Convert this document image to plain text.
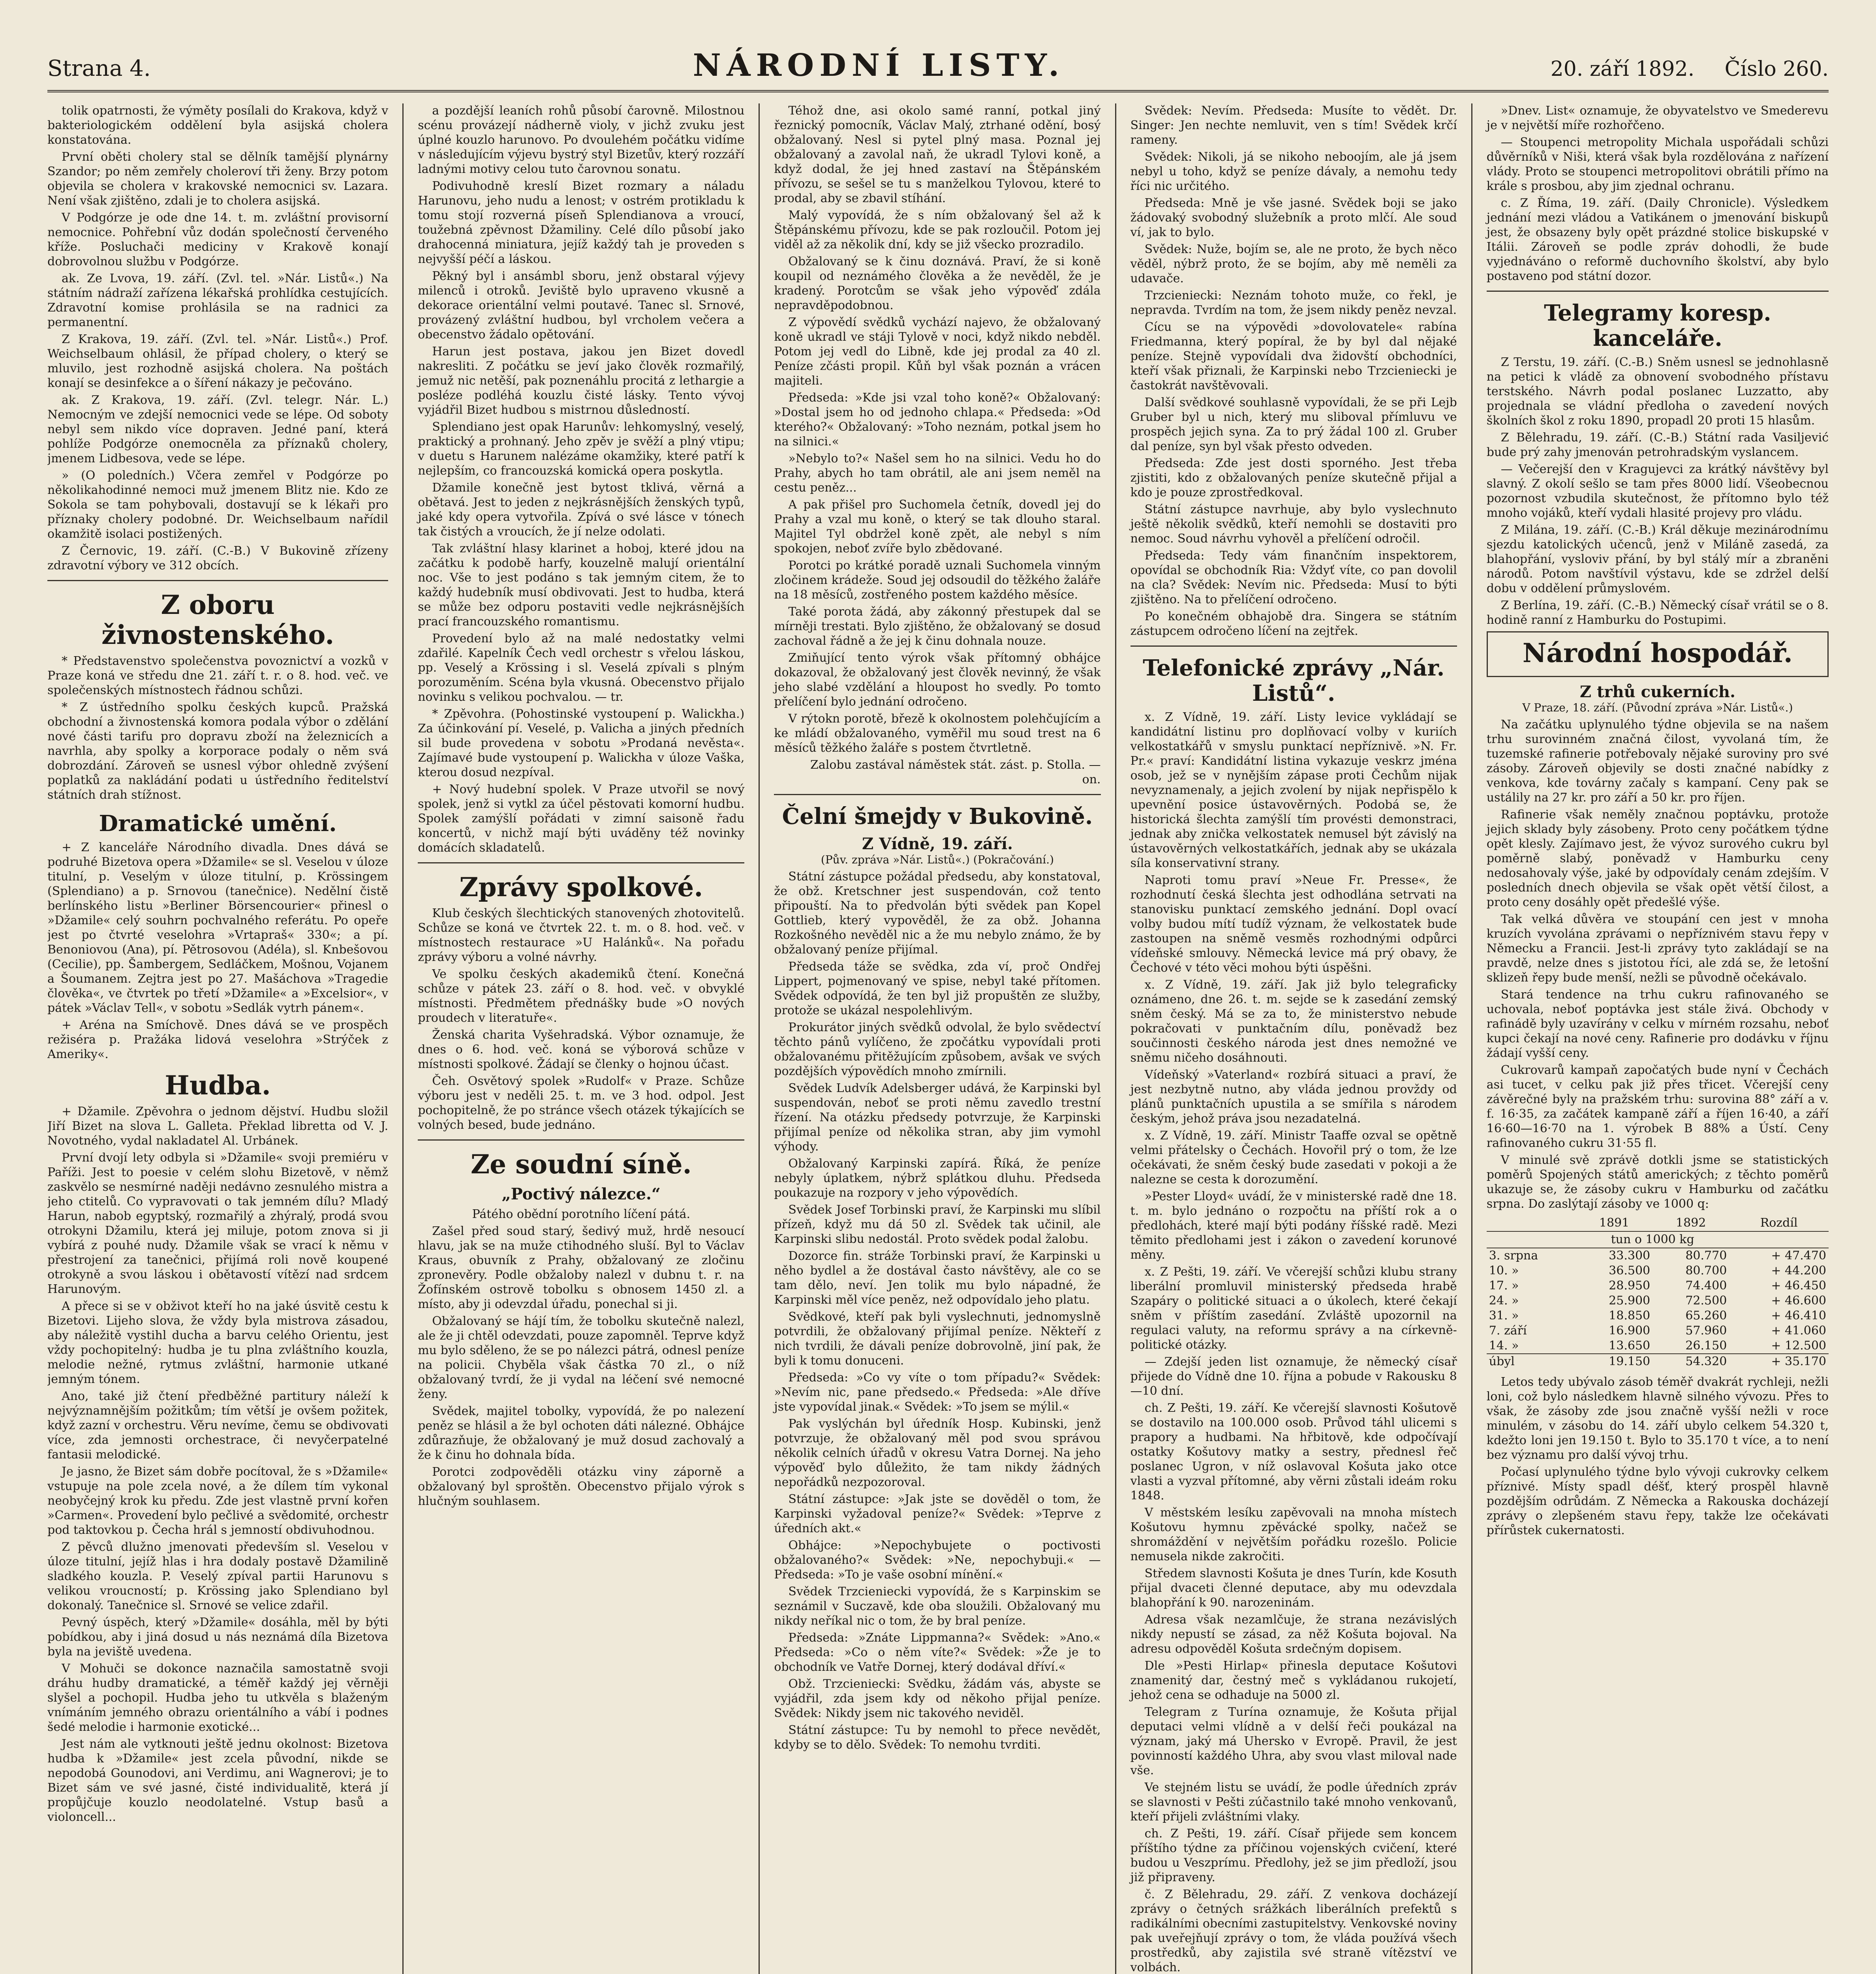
Strana 4.	NÁRODNÍ LISTY.	20. září 1892. Číslo 260.

tolik opatrnosti, že výměty posílali do Krakova, když v bakteriologickém oddělení byla asijská cholera konstatována.

První oběti cholery stal se dělník tamější plynárny Szandor; po něm zemřely choleroví tři ženy. Brzy potom objevila se cholera v krakovské nemocnici sv. Lazara. Není však zjištěno, zdali je to cholera asijská.

V Podgórze je ode dne 14. t. m. zvláštní provisorní nemocnice. Pohřební vůz dodán společností červeného kříže. Posluchači mediciny v Krakově konají dobrovolnou službu v Podgórze.

ak. Ze Lvova, 19. září. (Zvl. tel. »Nár. Listů«.) Na státním nádraží zařízena lékařská prohlídka cestujících. Zdravotní komise prohlásila se na radnici za permanentní.

Z Krakova, 19. září. (Zvl. tel. »Nár. Listů«.) Prof. Weichselbaum ohlásil, že případ cholery, o který se mluvilo, jest rozhodně asijská cholera. Na poštách konají se desinfekce a o šíření nákazy je pečováno.

ak. Z Krakova, 19. září. (Zvl. telegr. Nár. L.) Nemocným ve zdejší nemocnici vede se lépe. Od soboty nebyl sem nikdo více dopraven. Jedné paní, která pohlíže Podgórze onemocněla za příznaků cholery, jmenem Lidbesova, vede se lépe.

» (O poledních.) Včera zemřel v Podgórze po několikahodinné nemoci muž jmenem Blitz nie. Kdo ze Sokola se tam pohybovali, dostavují se k lékaři pro příznaky cholery podobné. Dr. Weichselbaum nařídil okamžitě isolaci postižených.

Z Černovic, 19. září. (C.-B.) V Bukovině zřízeny zdravotní výbory ve 312 obcích.

Z oboru živnostenského.

* Představenstvo společenstva povoznictví a vozků v Praze koná ve středu dne 21. září t. r. o 8. hod. več. ve společenských místnostech řádnou schůzi.

* Z ústředního spolku českých kupců. Pražská obchodní a živnostenská komora podala výbor o zdělání nové části tarifu pro dopravu zboží na železnicích a navrhla, aby spolky a korporace podaly o něm svá dobrozdání. Zároveň se usnesl výbor ohledně zvýšení poplatků za nakládání podati u ústředního ředitelství státních drah stížnost.

Dramatické umění.

+ Z kanceláře Národního divadla. Dnes dává se podruhé Bizetova opera »Džamile« se sl. Veselou v úloze titulní, p. Veselým v úloze titulní, p. Krössingem (Splendiano) a p. Srnovou (tanečnice). Nedělní čistě berlínského listu »Berliner Börsencourier« přinesl o »Džamile« celý souhrn pochvalného referátu. Po opeře jest po čtvrté veselohra »Vrtapraš« 330«; a pí. Benoniovou (Ana), pí. Pětrosovou (Adéla), sl. Knbešovou (Cecilie), pp. Šambergem, Sedláčkem, Mošnou, Vojanem a Šoumanem. Zejtra jest po 27. Mašáchova »Tragedie člověka«, ve čtvrtek po třetí »Džamile« a »Excelsior«, v pátek »Václav Tell«, v sobotu »Sedlák vytrh pánem«.

+ Aréna na Smíchově. Dnes dává se ve prospěch režiséra p. Pražáka lidová veselohra »Strýček z Ameriky«.

Hudba.

+ Džamile. Zpěvohra o jednom dějství. Hudbu složil Jiří Bizet na slova L. Galleta. Překlad libretta od V. J. Novotného, vydal nakladatel Al. Urbánek.

První dvojí lety odbyla si »Džamile« svoji premiéru v Paříži. Jest to poesie v celém slohu Bizetově, v němž zaskvělo se nesmírné naději nedávno zesnulého mistra a jeho ctitelů. Co vypravovati o tak jemném dílu? Mladý Harun, nabob egyptský, rozmařilý a zhýralý, prodá svou otrokyni Džamilu, která jej miluje, potom znova si ji vybírá z pouhé nudy. Džamile však se vrací k němu v přestrojení za tanečnici, přijímá roli nově koupené otrokyně a svou láskou i obětavostí vítězí nad srdcem Harunovým.

A přece si se v obživot kteří ho na jaké úsvitě cestu k Bizetovi. Lijeho slova, že vždy byla mistrova zásadou, aby náležitě vystihl ducha a barvu celého Orientu, jest vždy pochopitelný: hudba je tu plna zvláštního kouzla, melodie nežné, rytmus zvláštní, harmonie utkané jemným tónem.

Ano, také již čtení předběžné partitury náleží k nejvýznamnějším požitkům; tím větší je ovšem požitek, když zazní v orchestru. Věru nevíme, čemu se obdivovati více, zda jemnosti orchestrace, či nevyčerpatelné fantasii melodické.

Je jasno, že Bizet sám dobře pocítoval, že s »Džamile« vstupuje na pole zcela nové, a že dílem tím vykonal neobyčejný krok ku předu. Zde jest vlastně první kořen »Carmen«. Provedení bylo pečlivé a svědomité, orchestr pod taktovkou p. Čecha hrál s jemností obdivuhodnou.

Z pěvců dlužno jmenovati především sl. Veselou v úloze titulní, jejíž hlas i hra dodaly postavě Džamilině sladkého kouzla. P. Veselý zpíval partii Harunovu s velikou vroucností; p. Krössing jako Splendiano byl dokonalý. Tanečnice sl. Srnové se velice zdařil.

Pevný úspěch, který »Džamile« dosáhla, měl by býti pobídkou, aby i jiná dosud u nás neznámá díla Bizetova byla na jeviště uvedena.

V Mohuči se dokonce naznačila samostatně svoji dráhu hudby dramatické, a téměř každý jej věrněji slyšel a pochopil. Hudba jeho tu utkvěla s blaženým vnímáním jemného obrazu orientálního a vábí i podnes šedé melodie i harmonie exotické...

Jest nám ale vytknouti ještě jednu okolnost: Bizetova hudba k »Džamile« jest zcela původní, nikde se nepodobá Gounodovi, ani Verdimu, ani Wagnerovi; je to Bizet sám ve své jasné, čisté individualitě, která jí propůjčuje kouzlo neodolatelné. Vstup basů a violoncell...

a pozdější leaních rohů působí čarovně. Milostnou scénu provázejí nádherně violy, v jichž zvuku jest úplné kouzlo harunovo. Po dvoulehém počátku vidíme v následujícím výjevu bystrý styl Bizetův, který rozzáří ladnými motivy celou tuto čarovnou sonatu.

Podivuhodně kreslí Bizet rozmary a náladu Harunovu, jeho nudu a lenost; v ostrém protikladu k tomu stojí rozverná píseň Splendianova a vroucí, toužebná zpěvnost Džamiliny. Celé dílo působí jako drahocenná miniatura, jejíž každý tah je proveden s nejvyšší péčí a láskou.

Pěkný byl i ansámbl sboru, jenž obstaral výjevy milenců i otroků. Jeviště bylo upraveno vkusně a dekorace orientální velmi poutavé. Tanec sl. Srnové, provázený zvláštní hudbou, byl vrcholem večera a obecenstvo žádalo opětování.

Harun jest postava, jakou jen Bizet dovedl nakresliti. Z počátku se jeví jako člověk rozmařilý, jemuž nic netěší, pak poznenáhlu procitá z lethargie a posléze podléhá kouzlu čisté lásky. Tento vývoj vyjádřil Bizet hudbou s mistrnou důsledností.

Splendiano jest opak Harunův: lehkomyslný, veselý, praktický a prohnaný. Jeho zpěv je svěží a plný vtipu; v duetu s Harunem nalézáme okamžiky, které patří k nejlepším, co francouzská komická opera poskytla.

Džamile konečně jest bytost tklivá, věrná a obětavá. Jest to jeden z nejkrásnějších ženských typů, jaké kdy opera vytvořila. Zpívá o své lásce v tónech tak čistých a vroucích, že jí nelze odolati.

Tak zvláštní hlasy klarinet a hoboj, které jdou na začátku k podobě harfy, kouzelně malují orientální noc. Vše to jest podáno s tak jemným citem, že to každý hudebník musí obdivovati. Jest to hudba, která se může bez odporu postaviti vedle nejkrásnějších prací francouzského romantismu.

Provedení bylo až na malé nedostatky velmi zdařilé. Kapelník Čech vedl orchestr s vřelou láskou, pp. Veselý a Krössing i sl. Veselá zpívali s plným porozuměním. Scéna byla vkusná. Obecenstvo přijalo novinku s velikou pochvalou. — tr.

* Zpěvohra. (Pohostinské vystoupení p. Walickha.) Za účinkování pí. Veselé, p. Valicha a jiných předních sil bude provedena v sobotu »Prodaná nevěsta«. Zajímavé bude vystoupení p. Walickha v úloze Vaška, kterou dosud nezpíval.

+ Nový hudební spolek. V Praze utvořil se nový spolek, jenž si vytkl za účel pěstovati komorní hudbu. Spolek zamýšlí pořádati v zimní saisoně řadu koncertů, v nichž mají býti uváděny též novinky domácích skladatelů.

Zprávy spolkové.

Klub českých šlechtických stanovených zhotovitelů. Schůze se koná ve čtvrtek 22. t. m. o 8. hod. več. v místnostech restaurace »U Halánků«. Na pořadu zprávy výboru a volné návrhy.

Ve spolku českých akademiků čtení. Konečná schůze v pátek 23. září o 8. hod. več. v obvyklé místnosti. Předmětem přednášky bude »O nových proudech v literatuře«.

Ženská charita Vyšehradská. Výbor oznamuje, že dnes o 6. hod. več. koná se výborová schůze v místnosti spolkové. Žádají se členky o hojnou účast.

Čeh. Osvětový spolek »Rudolf« v Praze. Schůze výboru jest v neděli 25. t. m. ve 3 hod. odpol. Jest pochopitelně, že po stránce všech otázek týkajících se volných besed, bude jednáno.

Ze soudní síně.
„Poctivý nálezce.“

Pátého obědní porotního líčení pátá.

Zašel před soud starý, šedivý muž, hrdě nesoucí hlavu, jak se na muže ctihodného sluší. Byl to Václav Kraus, obuvník z Prahy, obžalovaný ze zločinu zpronevěry. Podle obžaloby nalezl v dubnu t. r. na Žofínském ostrově tobolku s obnosem 1450 zl. a místo, aby ji odevzdal úřadu, ponechal si ji.

Obžalovaný se hájí tím, že tobolku skutečně nalezl, ale že ji chtěl odevzdati, pouze zapomněl. Teprve když mu bylo sděleno, že se po nálezci pátrá, odnesl peníze na policii. Chyběla však částka 70 zl., o níž obžalovaný tvrdí, že ji vydal na léčení své nemocné ženy.

Svědek, majitel tobolky, vypovídá, že po nalezení peněz se hlásil a že byl ochoten dáti nálezné. Obhájce zdůrazňuje, že obžalovaný je muž dosud zachovalý a že k činu ho dohnala bída.

Porotci zodpověděli otázku viny záporně a obžalovaný byl sproštěn. Obecenstvo přijalo výrok s hlučným souhlasem.

Téhož dne, asi okolo samé ranní, potkal jiný řeznický pomocník, Václav Malý, ztrhané odění, bosý obžalovaný. Nesl si pytel plný masa. Poznal jej obžalovaný a zavolal naň, že ukradl Tylovi koně, a když dodal, že jej hned zastaví na Štěpánském přívozu, se sešel se tu s manželkou Tylovou, které to prodal, aby se zbavil stíhání.

Malý vypovídá, že s ním obžalovaný šel až k Štěpánskému přívozu, kde se pak rozloučil. Potom jej viděl až za několik dní, kdy se již všecko prozradilo.

Obžalovaný se k činu doznává. Praví, že si koně koupil od neznámého člověka a že nevěděl, že je kradený. Porotcům se však jeho výpověď zdála nepravděpodobnou.

Z výpovědí svědků vychází najevo, že obžalovaný koně ukradl ve stáji Tylově v noci, když nikdo nebděl. Potom jej vedl do Libně, kde jej prodal za 40 zl. Peníze zčásti propil. Kůň byl však poznán a vrácen majiteli.

Předseda: »Kde jsi vzal toho koně?« Obžalovaný: »Dostal jsem ho od jednoho chlapa.« Předseda: »Od kterého?« Obžalovaný: »Toho neznám, potkal jsem ho na silnici.«

»Nebylo to?« Našel sem ho na silnici. Vedu ho do Prahy, abych ho tam obrátil, ale ani jsem neměl na cestu peněz...

A pak přišel pro Suchomela četník, dovedl jej do Prahy a vzal mu koně, o který se tak dlouho staral. Majitel Tyl obdržel koně zpět, ale nebyl s ním spokojen, neboť zvíře bylo zbědované.

Porotci po krátké poradě uznali Suchomela vinným zločinem krádeže. Soud jej odsoudil do těžkého žaláře na 18 měsíců, zostřeného postem každého měsíce.

Také porota žádá, aby zákonný přestupek dal se mírněji trestati. Bylo zjištěno, že obžalovaný se dosud zachoval řádně a že jej k činu dohnala nouze.

Zmiňující tento výrok však přítomný obhájce dokazoval, že obžalovaný jest člověk nevinný, že však jeho slabé vzdělání a hloupost ho svedly. Po tomto přelíčení bylo jednání odročeno.

V rýtokn porotě, březě k okolnostem polehčujícím a ke mládí obžalovaného, vyměřil mu soud trest na 6 měsíců těžkého žaláře s postem čtvrtletně.

Zalobu zastával náměstek stát. zást. p. Stolla. — on.

Čelní šmejdy v Bukovině.
Z Vídně, 19. září.
(Pův. zpráva »Nár. Listů«.) (Pokračování.)

Státní zástupce požádal předsedu, aby konstatoval, že obž. Kretschner jest suspendován, což tento připouští. Na to předvolán býti svědek pan Kopel Gottlieb, který vypověděl, že za obž. Johanna Rozkošného nevěděl nic a že mu nebylo známo, že by obžalovaný peníze přijímal.

Předseda táže se svědka, zda ví, proč Ondřej Lippert, pojmenovaný ve spise, nebyl také přítomen. Svědek odpovídá, že ten byl již propuštěn ze služby, protože se ukázal nespolehlivým.

Prokurátor jiných svědků odvolal, že bylo svědectví těchto pánů vylíčeno, že zpočátku vypovídali proti obžalovanému přitěžujícím způsobem, avšak ve svých pozdějších výpovědích mnoho zmírnili.

Svědek Ludvík Adelsberger udává, že Karpinski byl suspendován, neboť se proti němu zavedlo trestní řízení. Na otázku předsedy potvrzuje, že Karpinski přijímal peníze od několika stran, aby jim vymohl výhody.

Obžalovaný Karpinski zapírá. Říká, že peníze nebyly úplatkem, nýbrž splátkou dluhu. Předseda poukazuje na rozpory v jeho výpovědích.

Svědek Josef Torbinski praví, že Karpinski mu slíbil přízeň, když mu dá 50 zl. Svědek tak učinil, ale Karpinski slibu nedostál. Proto svědek podal žalobu.

Dozorce fin. stráže Torbinski praví, že Karpinski u něho bydlel a že dostával často návštěvy, ale co se tam dělo, neví. Jen tolik mu bylo nápadné, že Karpinski měl více peněz, než odpovídalo jeho platu.

Svědkové, kteří pak byli vyslechnuti, jednomyslně potvrdili, že obžalovaný přijímal peníze. Někteří z nich tvrdili, že dávali peníze dobrovolně, jiní pak, že byli k tomu donuceni.

Předseda: »Co vy víte o tom případu?« Svědek: »Nevím nic, pane předsedo.« Předseda: »Ale dříve jste vypovídal jinak.« Svědek: »To jsem se mýlil.«

Pak vyslýchán byl úředník Hosp. Kubinski, jenž potvrzuje, že obžalovaný měl pod svou správou několik celních úřadů v okresu Vatra Dornej. Na jeho výpověď bylo důležito, že tam nikdy žádných nepořádků nezpozoroval.

Státní zástupce: »Jak jste se dověděl o tom, že Karpinski vyžadoval peníze?« Svědek: »Teprve z úředních akt.«

Obhájce: »Nepochybujete o poctivosti obžalovaného?« Svědek: »Ne, nepochybuji.« — Předseda: »To je vaše osobní mínění.«

Svědek Trzcieniecki vypovídá, že s Karpinskim se seznámil v Suczavě, kde oba sloužili. Obžalovaný mu nikdy neříkal nic o tom, že by bral peníze.

Předseda: »Znáte Lippmanna?« Svědek: »Ano.« Předseda: »Co o něm víte?« Svědek: »Že je to obchodník ve Vatře Dornej, který dodával dříví.«

Obž. Trzcieniecki: Svědku, žádám vás, abyste se vyjádřil, zda jsem kdy od někoho přijal peníze. Svědek: Nikdy jsem nic takového neviděl.

Státní zástupce: Tu by nemohl to přece nevědět, kdyby se to dělo. Svědek: To nemohu tvrditi.

Svědek: Nevím. Předseda: Musíte to vědět. Dr. Singer: Jen nechte nemluvit, ven s tím! Svědek krčí rameny.

Svědek: Nikoli, já se nikoho neboojím, ale já jsem nebyl u toho, když se peníze dávaly, a nemohu tedy říci nic určitého.

Předseda: Mně je vše jasné. Svědek boji se jako žádovaký svobodný služebník a proto mlčí. Ale soud ví, jak to bylo.

Svědek: Nuže, bojím se, ale ne proto, že bych něco věděl, nýbrž proto, že se bojím, aby mě neměli za udavače.

Trzcieniecki: Neznám tohoto muže, co řekl, je nepravda. Tvrdím na tom, že jsem nikdy peněz nevzal.

Cícu se na výpovědi »dovolovatele« rabína Friedmanna, který popíral, že by byl dal nějaké peníze. Stejně vypovídali dva židovští obchodníci, kteří však přiznali, že Karpinski nebo Trzcieniecki je častokrát navštěvovali.

Další svědkové souhlasně vypovídali, že se při Lejb Gruber byl u nich, který mu sliboval přímluvu ve prospěch jejich syna. Za to prý žádal 100 zl. Gruber dal peníze, syn byl však přesto odveden.

Předseda: Zde jest dosti sporného. Jest třeba zjistiti, kdo z obžalovaných peníze skutečně přijal a kdo je pouze zprostředkoval.

Státní zástupce navrhuje, aby bylo vyslechnuto ještě několik svědků, kteří nemohli se dostaviti pro nemoc. Soud návrhu vyhověl a přelíčení odročil.

Předseda: Tedy vám finančním inspektorem, opovídal se obchodník Ria: Vždyť víte, co pan dovolil na cla? Svědek: Nevím nic. Předseda: Musí to býti zjištěno. Na to přelíčení odročeno.

Po konečném obhajobě dra. Singera se státním zástupcem odročeno líčení na zejtřek.

Telefonické zprávy „Nár. Listů“.

x. Z Vídně, 19. září. Listy levice vykládají se kandidátní listinu pro doplňovací volby v kuriích velkostatkářů v smyslu punktací nepříznivě. »N. Fr. Pr.« praví: Kandidátní listina vykazuje veskrz jména osob, jež se v nynějším zápase proti Čechům nijak nevyznamenaly, a jejich zvolení by nijak nepřispělo k upevnění posice ústavověrných. Podobá se, že historická šlechta zamýšlí tím provésti demonstraci, jednak aby znička velkostatek nemusel být závislý na ústavověrných velkostatkářích, jednak aby se ukázala síla konservativní strany.

Naproti tomu praví »Neue Fr. Presse«, že rozhodnutí česká šlechta jest odhodlána setrvati na stanovisku punktací zemského jednání. Dopl ovací volby budou mítí tudíž význam, že velkostatek bude zastoupen na sněmě vesměs rozhodnými odpůrci vídeňské smlouvy. Německá levice má prý obavy, že Čechové v této věci mohou býti úspěšni.

x. Z Vídně, 19. září. Jak již bylo telegraficky oznámeno, dne 26. t. m. sejde se k zasedání zemský sněm český. Má se za to, že ministerstvo nebude pokračovati v punktačním dílu, poněvadž bez součinnosti českého národa jest dnes nemožné ve sněmu ničeho dosáhnouti.

Vídeňský »Vaterland« rozbírá situaci a praví, že jest nezbytně nutno, aby vláda jednou provždy od plánů punktačních upustila a se smířila s národem českým, jehož práva jsou nezadatelná.

x. Z Vídně, 19. září. Ministr Taaffe ozval se opětně velmi přátelsky o Čechách. Hovořil prý o tom, že lze očekávati, že sněm český bude zasedati v pokoji a že nalezne se cesta k dorozumění.

»Pester Lloyd« uvádí, že v ministerské radě dne 18. t. m. bylo jednáno o rozpočtu na příští rok a o předlohách, které mají býti podány říšské radě. Mezi těmito předlohami jest i zákon o zavedení korunové měny.

x. Z Pešti, 19. září. Ve včerejší schůzi klubu strany liberální promluvil ministerský předseda hrabě Szapáry o politické situaci a o úkolech, které čekají sněm v příštím zasedání. Zvláště upozornil na regulaci valuty, na reformu správy a na církevně-politické otázky.

— Zdejší jeden list oznamuje, že německý císař přijede do Vídně dne 10. října a pobude v Rakousku 8—10 dní.

ch. Z Pešti, 19. září. Ke včerejší slavnosti Košutově se dostavilo na 100.000 osob. Průvod táhl ulicemi s prapory a hudbami. Na hřbitově, kde odpočívají ostatky Košutovy matky a sestry, přednesl řeč poslanec Ugron, v níž oslavoval Košuta jako otce vlasti a vyzval přítomné, aby věrni zůstali ideám roku 1848.

V městském lesíku zapěvovali na mnoha místech Košutovu hymnu zpěvácké spolky, načež se shromáždění v největším pořádku rozešlo. Policie nemusela nikde zakročiti.

Středem slavnosti Košuta je dnes Turín, kde Kosuth přijal dvaceti členné deputace, aby mu odevzdala blahopřání k 90. narozeninám.

Adresa však nezamlčuje, že strana nezávislých nikdy nepustí se zásad, za něž Košuta bojoval. Na adresu odpověděl Košuta srdečným dopisem.

Dle »Pesti Hirlap« přinesla deputace Košutovi znamenitý dar, čestný meč s vykládanou rukojetí, jehož cena se odhaduje na 5000 zl.

Telegram z Turína oznamuje, že Košuta přijal deputaci velmi vlídně a v delší řeči poukázal na význam, jaký má Uhersko v Evropě. Pravil, že jest povinností každého Uhra, aby svou vlast miloval nade vše.

Ve stejném listu se uvádí, že podle úředních zpráv se slavnosti v Pešti zúčastnilo také mnoho venkovanů, kteří přijeli zvláštními vlaky.

ch. Z Pešti, 19. září. Císař přijede sem koncem příštího týdne za příčinou vojenských cvičení, které budou u Veszprímu. Předlohy, jež se jim předloží, jsou již připraveny.

č. Z Bělehradu, 29. září. Z venkova docházejí zprávy o četných srážkách liberálních prefektů s radikálními obecními zastupitelstvy. Venkovské noviny pak uveřejňují zprávy o tom, že vláda používá všech prostředků, aby zajistila své straně vítězství ve volbách.

»Dnev. List« oznamuje, že obyvatelstvo ve Smederevu je v největší míře rozhořčeno.

— Stoupenci metropolity Michala uspořádali schůzi důvěrníků v Niši, která však byla rozdělována z nařízení vlády. Proto se stoupenci metropolitovi obrátili přímo na krále s prosbou, aby jim zjednal ochranu.

c. Z Říma, 19. září. (Daily Chronicle). Výsledkem jednání mezi vládou a Vatikánem o jmenování biskupů jest, že obsazeny byly opět prázdné stolice biskupské v Itálii. Zároveň se podle zpráv dohodli, že bude vyjednáváno o reformě duchovního školství, aby bylo postaveno pod státní dozor.

Telegramy koresp. kanceláře.

Z Terstu, 19. září. (C.-B.) Sněm usnesl se jednohlasně na petici k vládě za obnovení svobodného přístavu terstského. Návrh podal poslanec Luzzatto, aby projednala se vládní předloha o zavedení nových školních škol z roku 1890, propadl 20 proti 15 hlasům.

Z Bělehradu, 19. září. (C.-B.) Státní rada Vasiljević bude prý zahy jmenován petrohradským vyslancem.

— Večerejší den v Kragujevci za krátký návštěvy byl slavný. Z okolí sešlo se tam přes 8000 lidí. Všeobecnou pozornost vzbudila skutečnost, že přítomno bylo též mnoho vojáků, kteří vydali hlasité projevy pro vládu.

Z Milána, 19. září. (C.-B.) Král děkuje mezinárodnímu sjezdu katolických učenců, jenž v Miláně zasedá, za blahopřání, vysloviv přání, by byl stálý mír a zbraněni národů. Potom navštívil výstavu, kde se zdržel delší dobu v oddělení průmyslovém.

Z Berlína, 19. září. (C.-B.) Německý císař vrátil se o 8. hodině ranní z Hamburku do Postupimi.

Národní hospodář.
Z trhů cukerních.
V Praze, 18. září. (Původní zpráva »Nár. Listů«.)

Na začátku uplynulého týdne objevila se na našem trhu surovinném značná čilost, vyvolaná tím, že tuzemské rafinerie potřebovaly nějaké suroviny pro své zásoby. Zároveň objevily se dosti značné nabídky z venkova, kde továrny začaly s kampaní. Ceny pak se ustálily na 27 kr. pro září a 50 kr. pro říjen.

Rafinerie však neměly značnou poptávku, protože jejich sklady byly zásobeny. Proto ceny počátkem týdne opět klesly. Zajímavo jest, že vývoz surového cukru byl poměrně slabý, poněvadž v Hamburku ceny nedosahovaly výše, jaké by odpovídaly cenám zdejším. V posledních dnech objevila se však opět větší čilost, a proto ceny dosáhly opět předešlé výše.

Tak velká důvěra ve stoupání cen jest v mnoha kruzích vyvolána zprávami o nepříznivém stavu řepy v Německu a Francii. Jest-li zprávy tyto zakládají se na pravdě, nelze dnes s jistotou říci, ale zdá se, že letošní sklizeň řepy bude menší, nežli se původně očekávalo.

Stará tendence na trhu cukru rafinovaného se uchovala, neboť poptávka jest stále živá. Obchody v rafinádě byly uzavírány v celku v mírném rozsahu, neboť kupci čekají na nové ceny. Rafinerie pro dodávku v říjnu žádají vyšší ceny.

Cukrovarů kampaň započatých bude nyní v Čechách asi tucet, v celku pak již přes třicet. Včerejší ceny závěrečné byly na pražském trhu: surovina 88° září a v. f. 16·35, za začátek kampaně září a říjen 16·40, a září 16·60—16·70 na 1. výrobek B 88% a Ústí. Ceny rafinovaného cukru 31·55 fl.

V minulé svě zprávě dotkli jsme se statistických poměrů Spojených států amerických; z těchto poměrů ukazuje se, že zásoby cukru v Hamburku od začátku srpna. Do zaslýtají zásoby ve 1000 q:

	1891	1892	Rozdíl
	tun o 1000 kg		
3. srpna	33.300	80.770	+ 47.470
10. »	36.500	80.700	+ 44.200
17. »	28.950	74.400	+ 46.450
24. »	25.900	72.500	+ 46.600
31. »	18.850	65.260	+ 46.410
7. září	16.900	57.960	+ 41.060
14. »	13.650	26.150	+ 12.500
úbyl	19.150	54.320	+ 35.170

Letos tedy ubývalo zásob téměř dvakrát rychleji, nežli loni, což bylo následkem hlavně silného vývozu. Přes to však, že zásoby zde jsou značně vyšší nežli v roce minulém, v zásobu do 14. září ubylo celkem 54.320 t, kdežto loni jen 19.150 t. Bylo to 35.170 t více, a to není bez významu pro další vývoj trhu.

Počasí uplynulého týdne bylo vývoji cukrovky celkem příznivé. Místy spadl déšť, který prospěl hlavně pozdějším odrůdám. Z Německa a Rakouska docházejí zprávy o zlepšeném stavu řepy, takže lze očekávati přírůstek cukernatosti.
